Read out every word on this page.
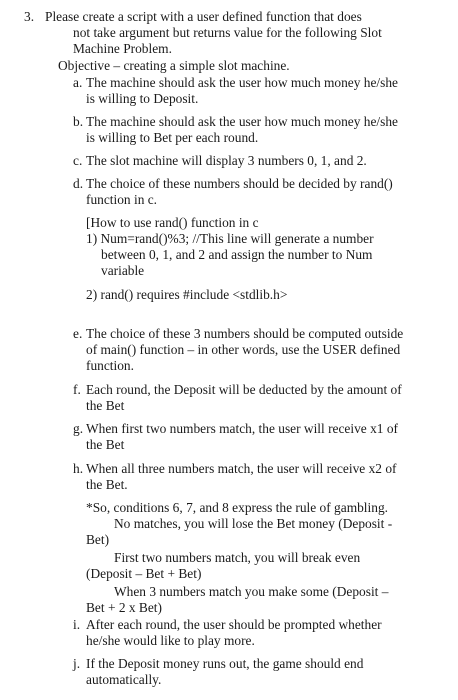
3. Please create a script with a user defined function that does

not take argument but returns value for the following Slot

Machine Problem.

Objective – creating a simple slot machine.

a. The machine should ask the user how much money he/she

is willing to Deposit.

b. The machine should ask the user how much money he/she

is willing to Bet per each round.

c. The slot machine will display 3 numbers 0, 1, and 2.

d. The choice of these numbers should be decided by rand()

function in c.

[How to use rand() function in c

1) Num=rand()%3; //This line will generate a number

between 0, 1, and 2 and assign the number to Num

variable

2) rand() requires #include <stdlib.h>

e. The choice of these 3 numbers should be computed outside

of main() function – in other words, use the USER defined

function.

f. Each round, the Deposit will be deducted by the amount of

the Bet

g. When first two numbers match, the user will receive x1 of

the Bet

h. When all three numbers match, the user will receive x2 of

the Bet.

*So, conditions 6, 7, and 8 express the rule of gambling.

No matches, you will lose the Bet money (Deposit -

Bet)

First two numbers match, you will break even

(Deposit – Bet + Bet)

When 3 numbers match you make some (Deposit –

Bet + 2 x Bet)

i. After each round, the user should be prompted whether

he/she would like to play more.

j. If the Deposit money runs out, the game should end

automatically.
